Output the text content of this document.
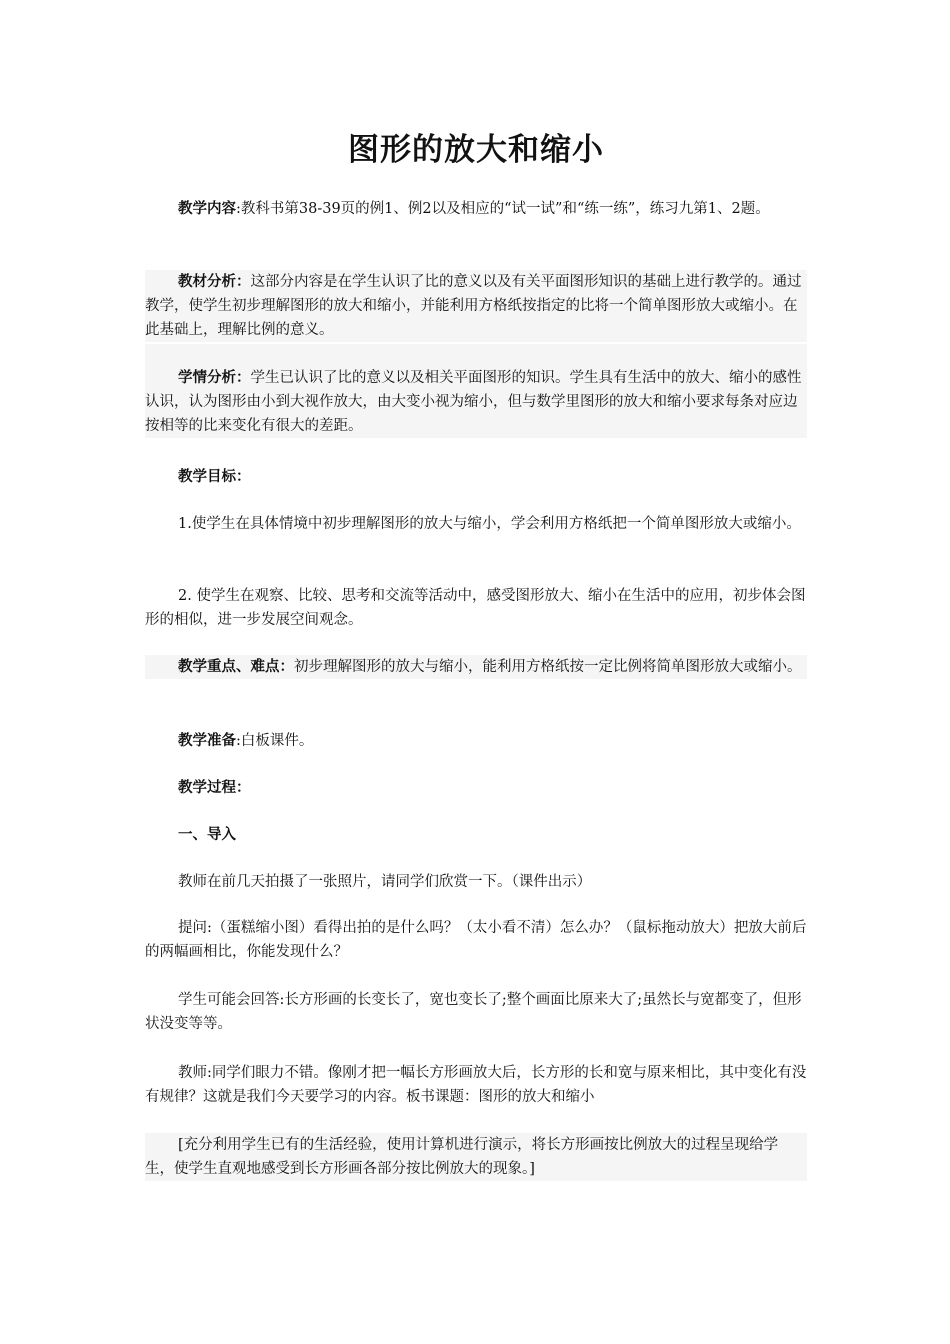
图形的放大和缩小

教学内容:教科书第38-39页的例1、例2以及相应的“试一试”和“练一练”，练习九第1、2题。

教材分析：这部分内容是在学生认识了比的意义以及有关平面图形知识的基础上进行教学的。通过教学，使学生初步理解图形的放大和缩小，并能利用方格纸按指定的比将一个简单图形放大或缩小。在此基础上，理解比例的意义。

学情分析：学生已认识了比的意义以及相关平面图形的知识。学生具有生活中的放大、缩小的感性认识，认为图形由小到大视作放大，由大变小视为缩小，但与数学里图形的放大和缩小要求每条对应边按相等的比来变化有很大的差距。

教学目标：

1.使学生在具体情境中初步理解图形的放大与缩小，学会利用方格纸把一个简单图形放大或缩小。

2. 使学生在观察、比较、思考和交流等活动中，感受图形放大、缩小在生活中的应用，初步体会图形的相似，进一步发展空间观念。

教学重点、难点：初步理解图形的放大与缩小，能利用方格纸按一定比例将简单图形放大或缩小。

教学准备:白板课件。

教学过程：

一、导入

教师在前几天拍摄了一张照片，请同学们欣赏一下。（课件出示）

提问:（蛋糕缩小图）看得出拍的是什么吗？（太小看不清）怎么办？（鼠标拖动放大）把放大前后的两幅画相比，你能发现什么？

学生可能会回答:长方形画的长变长了，宽也变长了;整个画面比原来大了;虽然长与宽都变了，但形状没变等等。

教师:同学们眼力不错。像刚才把一幅长方形画放大后，长方形的长和宽与原来相比，其中变化有没有规律？这就是我们今天要学习的内容。板书课题：图形的放大和缩小

[充分利用学生已有的生活经验，使用计算机进行演示，将长方形画按比例放大的过程呈现给学生，使学生直观地感受到长方形画各部分按比例放大的现象。]
